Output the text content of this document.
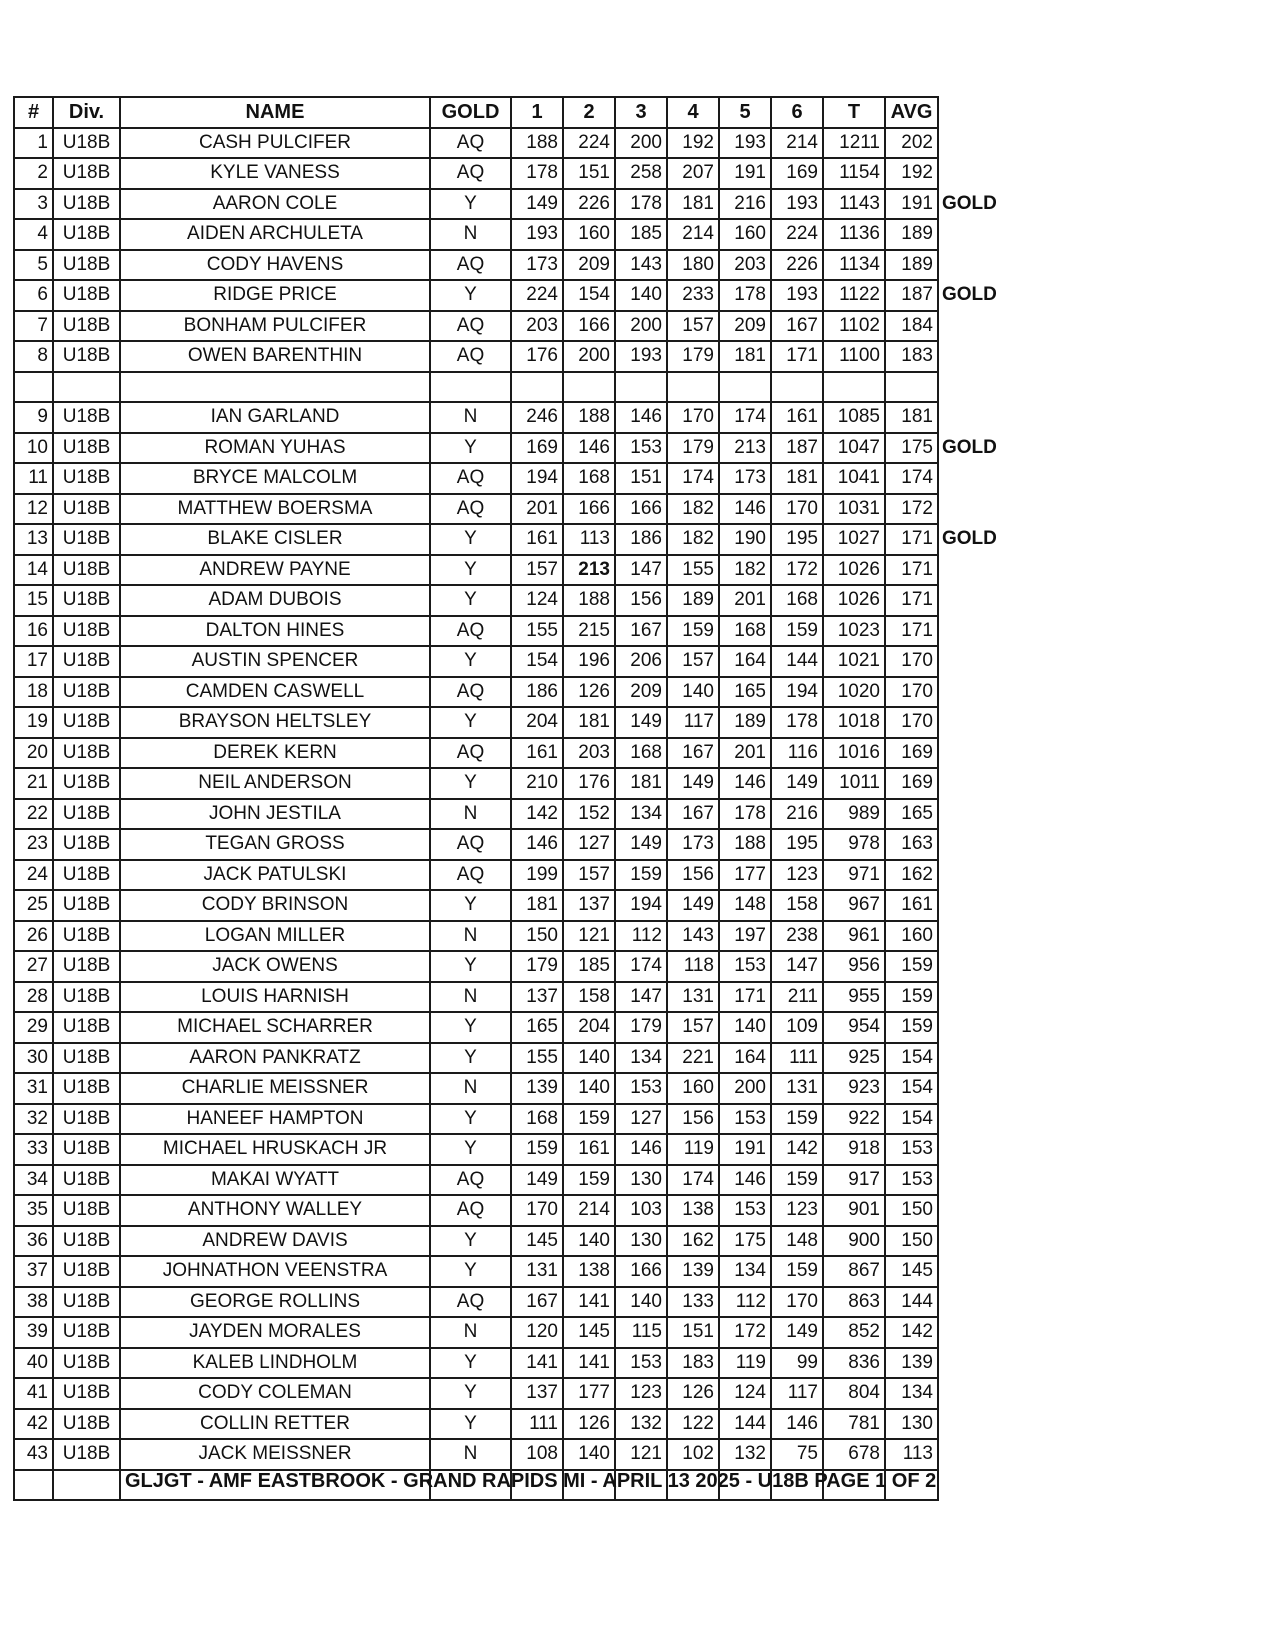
#	Div.	NAME	GOLD	1	2	3	4	5	6	T	AVG	
1	U18B	CASH PULCIFER	AQ	188	224	200	192	193	214	1211	202	
2	U18B	KYLE VANESS	AQ	178	151	258	207	191	169	1154	192	
3	U18B	AARON COLE	Y	149	226	178	181	216	193	1143	191	GOLD
4	U18B	AIDEN ARCHULETA	N	193	160	185	214	160	224	1136	189	
5	U18B	CODY HAVENS	AQ	173	209	143	180	203	226	1134	189	
6	U18B	RIDGE PRICE	Y	224	154	140	233	178	193	1122	187	GOLD
7	U18B	BONHAM PULCIFER	AQ	203	166	200	157	209	167	1102	184	
8	U18B	OWEN BARENTHIN	AQ	176	200	193	179	181	171	1100	183	

9	U18B	IAN GARLAND	N	246	188	146	170	174	161	1085	181	
10	U18B	ROMAN YUHAS	Y	169	146	153	179	213	187	1047	175	GOLD
11	U18B	BRYCE MALCOLM	AQ	194	168	151	174	173	181	1041	174	
12	U18B	MATTHEW BOERSMA	AQ	201	166	166	182	146	170	1031	172	
13	U18B	BLAKE CISLER	Y	161	113	186	182	190	195	1027	171	GOLD
14	U18B	ANDREW PAYNE	Y	157	213	147	155	182	172	1026	171	
15	U18B	ADAM DUBOIS	Y	124	188	156	189	201	168	1026	171	
16	U18B	DALTON HINES	AQ	155	215	167	159	168	159	1023	171	
17	U18B	AUSTIN SPENCER	Y	154	196	206	157	164	144	1021	170	
18	U18B	CAMDEN CASWELL	AQ	186	126	209	140	165	194	1020	170	
19	U18B	BRAYSON HELTSLEY	Y	204	181	149	117	189	178	1018	170	
20	U18B	DEREK KERN	AQ	161	203	168	167	201	116	1016	169	
21	U18B	NEIL ANDERSON	Y	210	176	181	149	146	149	1011	169	
22	U18B	JOHN JESTILA	N	142	152	134	167	178	216	989	165	
23	U18B	TEGAN GROSS	AQ	146	127	149	173	188	195	978	163	
24	U18B	JACK PATULSKI	AQ	199	157	159	156	177	123	971	162	
25	U18B	CODY BRINSON	Y	181	137	194	149	148	158	967	161	
26	U18B	LOGAN MILLER	N	150	121	112	143	197	238	961	160	
27	U18B	JACK OWENS	Y	179	185	174	118	153	147	956	159	
28	U18B	LOUIS HARNISH	N	137	158	147	131	171	211	955	159	
29	U18B	MICHAEL SCHARRER	Y	165	204	179	157	140	109	954	159	
30	U18B	AARON PANKRATZ	Y	155	140	134	221	164	111	925	154	
31	U18B	CHARLIE MEISSNER	N	139	140	153	160	200	131	923	154	
32	U18B	HANEEF HAMPTON	Y	168	159	127	156	153	159	922	154	
33	U18B	MICHAEL HRUSKACH JR	Y	159	161	146	119	191	142	918	153	
34	U18B	MAKAI WYATT	AQ	149	159	130	174	146	159	917	153	
35	U18B	ANTHONY WALLEY	AQ	170	214	103	138	153	123	901	150	
36	U18B	ANDREW DAVIS	Y	145	140	130	162	175	148	900	150	
37	U18B	JOHNATHON VEENSTRA	Y	131	138	166	139	134	159	867	145	
38	U18B	GEORGE ROLLINS	AQ	167	141	140	133	112	170	863	144	
39	U18B	JAYDEN MORALES	N	120	145	115	151	172	149	852	142	
40	U18B	KALEB LINDHOLM	Y	141	141	153	183	119	99	836	139	
41	U18B	CODY COLEMAN	Y	137	177	123	126	124	117	804	134	
42	U18B	COLLIN RETTER	Y	111	126	132	122	144	146	781	130	
43	U18B	JACK MEISSNER	N	108	140	121	102	132	75	678	113	

GLJGT - AMF EASTBROOK - GRAND RAPIDS MI - APRIL 13 2025 - U18B PAGE 1 OF 2
